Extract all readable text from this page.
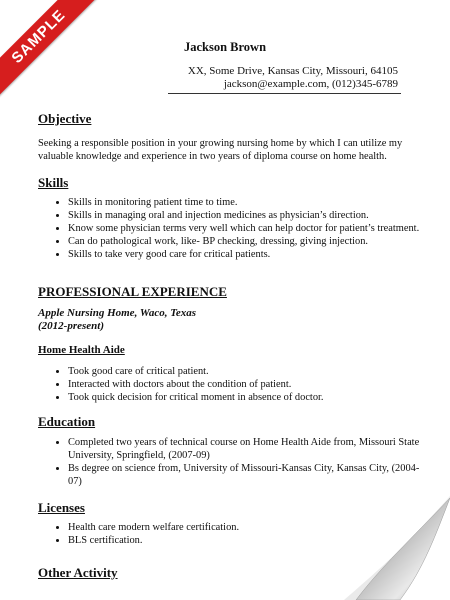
SAMPLE	Jackson Brown
XX, Some Drive, Kansas City, Missouri, 64105
jackson@example.com, (012)345-6789
Objective
Seeking a responsible position in your growing nursing home by which I can utilize my valuable knowledge and experience in two years of diploma course on home health.
Skills
• Skills in monitoring patient time to time.
• Skills in managing oral and injection medicines as physician’s direction.
• Know some physician terms very well which can help doctor for patient’s treatment.
• Can do pathological work, like- BP checking, dressing, giving injection.
• Skills to take very good care for critical patients.
PROFESSIONAL EXPERIENCE
Apple Nursing Home, Waco, Texas
(2012-present)
Home Health Aide
• Took good care of critical patient.
• Interacted with doctors about the condition of patient.
• Took quick decision for critical moment in absence of doctor.
Education
• Completed two years of technical course on Home Health Aide from, Missouri State University, Springfield, (2007-09)
• Bs degree on science from, University of Missouri-Kansas City, Kansas City, (2004-07)
Licenses
• Health care modern welfare certification.
• BLS certification.
Other Activity
